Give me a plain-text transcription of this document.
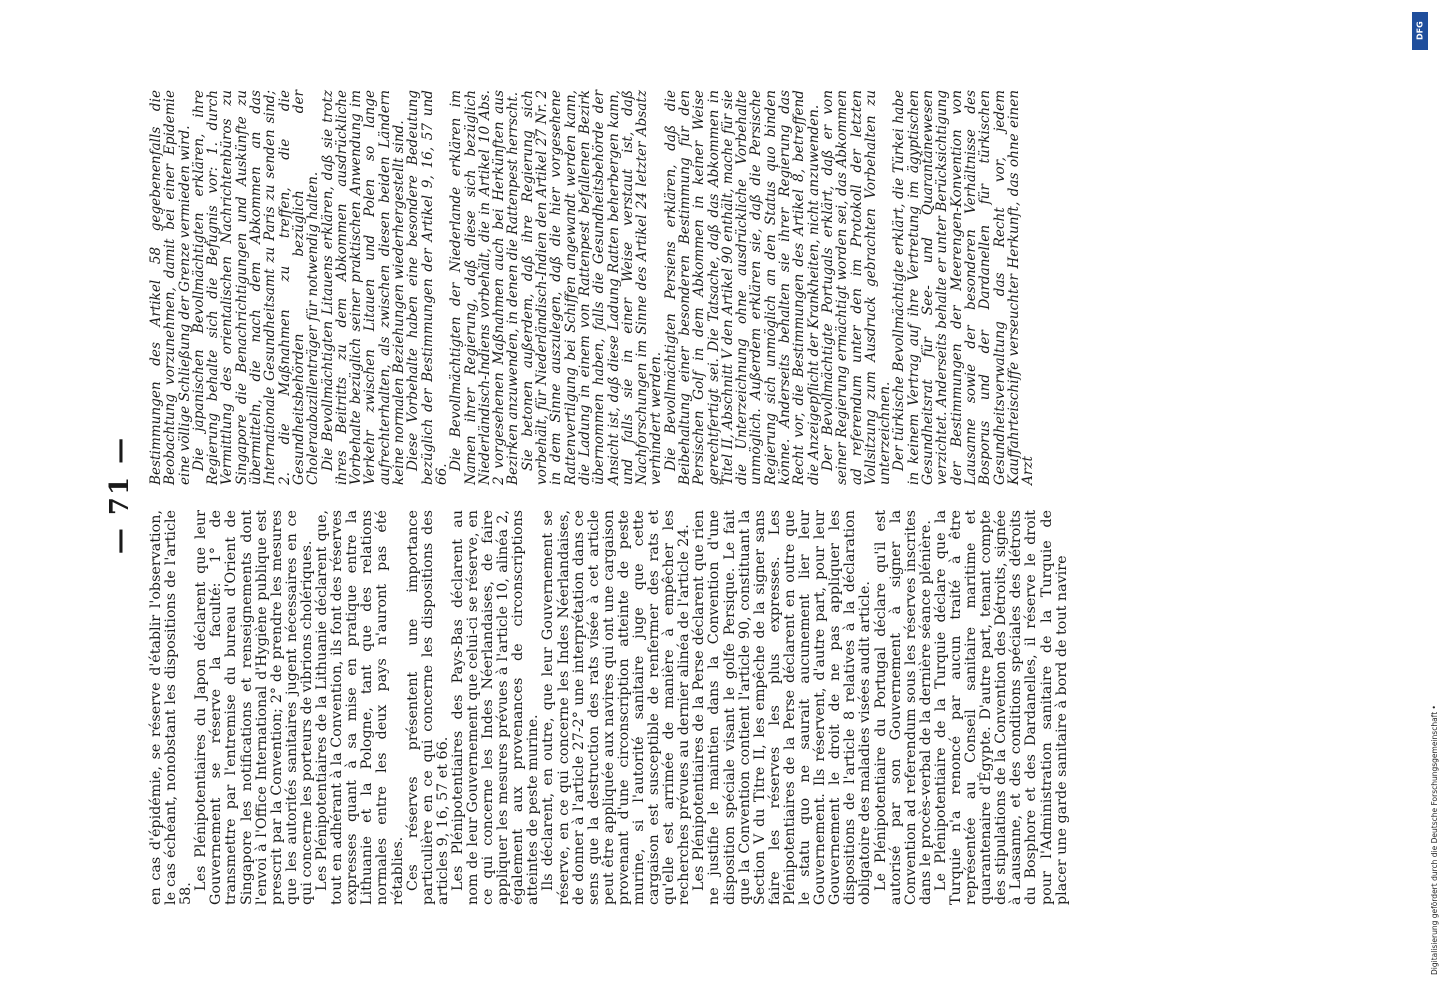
— 71 —

en cas d'épidémie, se réserve d'établir l'observation, le cas échéant, nonobstant les dispositions de l'article 58.

Les Plénipotentiaires du Japon déclarent que leur Gouvernement se réserve la faculté: 1° de transmettre par l'entremise du bureau d'Orient de Singapore les notifications et renseignements dont l'envoi à l'Office International d'Hygiène publique est prescrit par la Convention; 2° de prendre les mesures que les autorités sanitaires jugent nécessaires en ce qui concerne les porteurs de vibrions cholériques. Les Plénipotentiaires de la Lithuanie déclarent que, tout en adhérant à la Convention, ils font des réserves expresses quant à sa mise en pratique entre la Lithuanie et la Pologne, tant que des relations normales entre les deux pays n'auront pas été rétablies. Ces réserves présentent une importance particulière en ce qui concerne les dispositions des articles 9, 16, 57 et 66. Les Plénipotentiaires des Pays-Bas déclarent au nom de leur Gouvernement que celui-ci se réserve, en ce qui concerne les Indes Néerlandaises, de faire appliquer les mesures prévues à l'article 10, alinéa 2, également aux provenances de circonscriptions atteintes de peste murine. Ils déclarent, en outre, que leur Gouvernement se réserve, en ce qui concerne les Indes Néerlandaises, de donner à l'article 27-2° une interprétation dans ce sens que la destruction des rats visée à cet article peut être appliquée aux navires qui ont une cargaison provenant d'une circonscription atteinte de peste murine, si l'autorité sanitaire juge que cette cargaison est susceptible de renfermer des rats et qu'elle est arrimée de manière à empêcher les recherches prévues au dernier alinéa de l'article 24. Les Plénipotentiaires de la Perse déclarent que rien ne justifie le maintien dans la Convention d'une disposition spéciale visant le golfe Persique. Le fait que la Convention contient l'article 90, constituant la Section V du Titre II, les empêche de la signer sans faire les réserves les plus expresses. Les Plénipotentiaires de la Perse déclarent en outre que le statu quo ne saurait aucunement lier leur Gouvernement. Ils réservent, d'autre part, pour leur Gouvernement le droit de ne pas appliquer les dispositions de l'article 8 relatives à la déclaration obligatoire des maladies visées audit article. Le Plénipotentiaire du Portugal déclare qu'il est autorisé par son Gouvernement à signer la Convention ad referendum sous les réserves inscrites dans le procès-verbal de la dernière séance plénière. Le Plénipotentiaire de la Turquie déclare que la Turquie n'a renoncé par aucun traité à être représentée au Conseil sanitaire maritime et quarantenaire d'Égypte. D'autre part, tenant compte des stipulations de la Convention des Détroits, signée à Lausanne, et des conditions spéciales des détroits du Bosphore et des Dardanelles, il réserve le droit pour l'Administration sanitaire de la Turquie de placer une garde sanitaire à bord de tout navire

Bestimmungen des Artikel 58 gegebenenfalls die Beobachtung vorzunehmen, damit bei einer Epidemie eine völlige Schließung der Grenze vermieden wird.

Die japanischen Bevollmächtigten erklären, ihre Regierung behalte sich die Befugnis vor: 1. durch Vermittlung des orientalischen Nachrichtenbüros zu Singapore die Benachrichtigungen und Auskünfte zu übermitteln, die nach dem Abkommen an das Internationale Gesundheitsamt zu Paris zu senden sind; 2. die Maßnahmen zu treffen, die die Gesundheitsbehörden bezüglich der Choleraabazillenträger für notwendig halten.

Die Bevollmächtigten Litauens erklären, daß sie trotz ihres Beitritts zu dem Abkommen ausdrückliche Vorbehalte bezüglich seiner praktischen Anwendung im Verkehr zwischen Litauen und Polen so lange aufrechterhalten, als zwischen diesen beiden Ländern keine normalen Beziehungen wiederhergestellt sind.

Diese Vorbehalte haben eine besondere Bedeutung bezüglich der Bestimmungen der Artikel 9, 16, 57 und 66.

Die Bevollmächtigten der Niederlande erklären im Namen ihrer Regierung, daß diese sich bezüglich Niederländisch-Indiens vorbehält, die in Artikel 10 Abs. 2 vorgesehenen Maßnahmen auch bei Herkünften aus Bezirken anzuwenden, in denen die Rattenpest herrscht.

Sie betonen außerdem, daß ihre Regierung sich vorbehält, für Niederländisch-Indien den Artikel 27 Nr. 2 in dem Sinne auszulegen, daß die hier vorgesehene Rattenvertilgung bei Schiffen angewandt werden kann, die Ladung in einem von Rattenpest befallenen Bezirk übernommen haben, falls die Gesundheitsbehörde der Ansicht ist, daß diese Ladung Ratten beherbergen kann, und falls sie in einer Weise verstaut ist, daß Nachforschungen im Sinne des Artikel 24 letzter Absatz verhindert werden.

Die Bevollmächtigten Persiens erklären, daß die Beibehaltung einer besonderen Bestimmung für den Persischen Golf in dem Abkommen in keiner Weise gerechtfertigt sei. Die Tatsache, daß das Abkommen in Titel II, Abschnitt V den Artikel 90 enthält, mache für sie die Unterzeichnung ohne ausdrückliche Vorbehalte unmöglich. Außerdem erklären sie, daß die Persische Regierung sich unmöglich an den Status quo binden könne. Anderseits behalten sie ihrer Regierung das Recht vor, die Bestimmungen des Artikel 8, betreffend die Anzeigepflicht der Krankheiten, nicht anzuwenden.

Der Bevollmächtigte Portugals erklärt, daß er von seiner Regierung ermächtigt worden sei, das Abkommen ad referendum unter den im Protokoll der letzten Vollsitzung zum Ausdruck gebrachten Vorbehalten zu unterzeichnen.

Der türkische Bevollmächtigte erklärt, die Türkei habe in keinem Vertrag auf ihre Vertretung im ägyptischen Gesundheitsrat für See- und Quarantänewesen verzichtet. Anderseits behalte er unter Berücksichtigung der Bestimmungen der Meerengen-Konvention von Lausanne sowie der besonderen Verhältnisse des Bosporus und der Dardanellen für türkischen Gesundheitsverwaltung das Recht vor, jedem Kauffahrteischiffe verseuchter Herkunft, das ohne einen Arzt

DFG
Digitalisierung gefördert durch die Deutsche Forschungsgemeinschaft •
